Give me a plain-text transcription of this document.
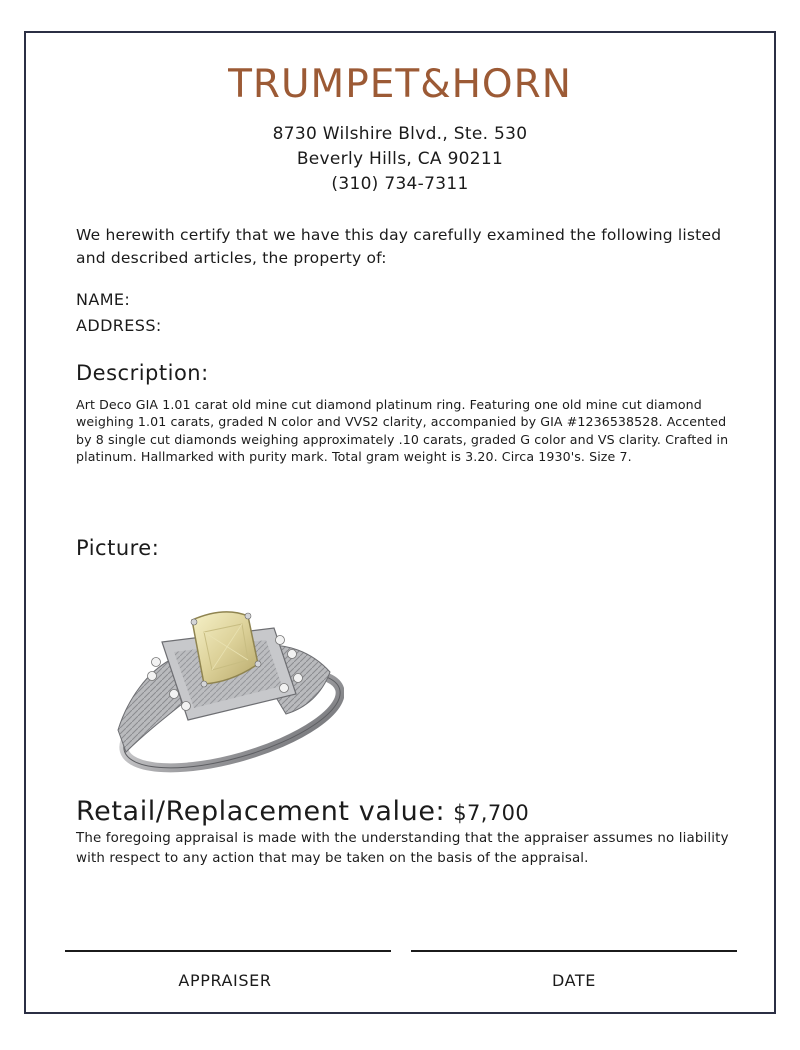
TRUMPET&HORN
8730 Wilshire Blvd., Ste. 530
Beverly Hills, CA 90211
(310) 734-7311
We herewith certify that we have this day carefully examined the following listed and described articles, the property of:
NAME:
ADDRESS:
Description:
Art Deco GIA 1.01 carat old mine cut diamond platinum ring. Featuring one old mine cut diamond weighing 1.01 carats, graded N color and VVS2 clarity, accompanied by GIA #1236538528. Accented by 8 single cut diamonds weighing approximately .10 carats, graded G color and VS clarity. Crafted in platinum. Hallmarked with purity mark. Total gram weight is 3.20. Circa 1930's. Size 7.
Picture:
Retail/Replacement value: $7,700
The foregoing appraisal is made with the understanding that the appraiser assumes no liability with respect to any action that may be taken on the basis of the appraisal.
APPRAISER	DATE
